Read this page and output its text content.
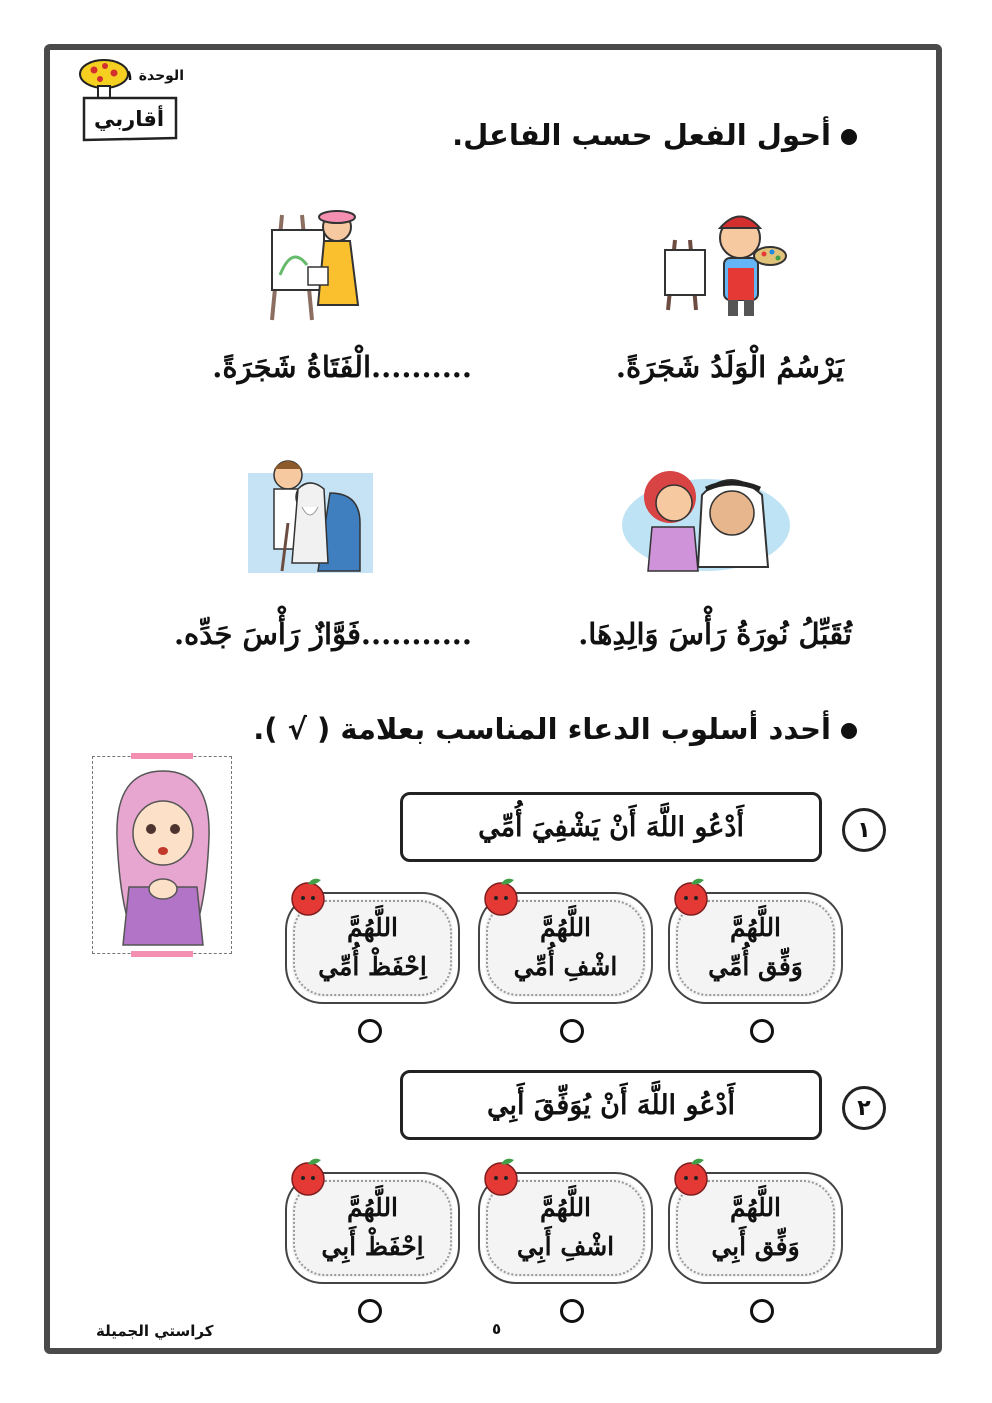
الوحدة ١
أقاربي	أحول الفعل حسب الفاعل.
يَرْسُمُ الْوَلَدُ شَجَرَةً.
..........الْفَتَاةُ شَجَرَةً.
تُقَبِّلُ نُورَةُ رَأْسَ وَالِدِهَا.
...........فَوَّازٌ رَأْسَ جَدِّه.
أحدد أسلوب الدعاء المناسب بعلامة ( √ ).
١
أَدْعُو اللَّهَ أَنْ يَشْفِيَ أُمِّي
اللَّهُمَّ
وَفِّق أُمِّي
اللَّهُمَّ
اشْفِ أُمِّي
اللَّهُمَّ
اِحْفَظْ أُمِّي
٢
أَدْعُو اللَّهَ أَنْ يُوَفِّقَ أَبِي
اللَّهُمَّ
وَفِّق أَبِي
اللَّهُمَّ
اشْفِ أَبِي
اللَّهُمَّ
اِحْفَظْ أَبِي
كراستي الجميلة	٥
